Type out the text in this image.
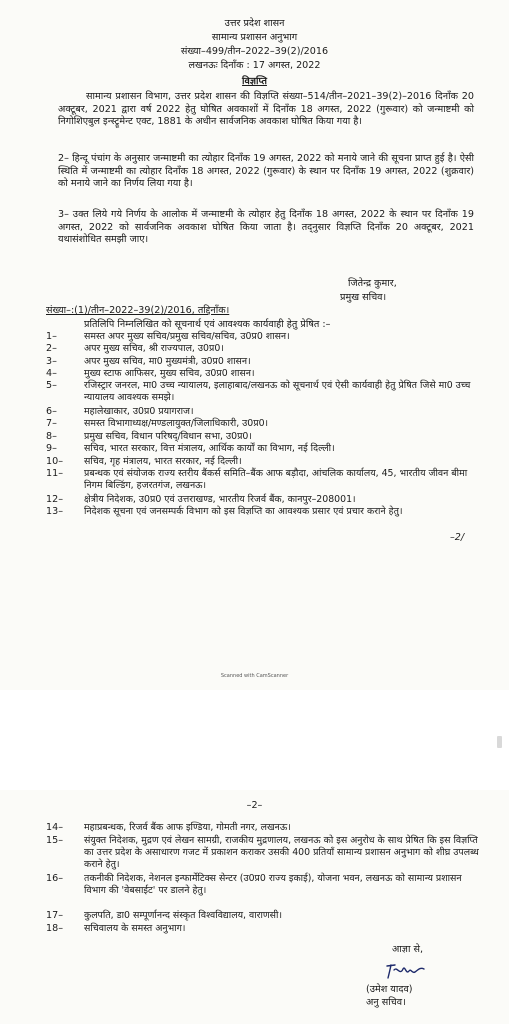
उत्तर प्रदेश शासन
सामान्य प्रशासन अनुभाग
संख्या–499/तीन–2022–39(2)/2016
लखनऊः दिनाँक : 17 अगस्त, 2022
विज्ञप्ति
सामान्य प्रशासन विभाग, उत्तर प्रदेश शासन की विज्ञप्ति संख्या–514/तीन–2021–39(2)–2016 दिनाँक 20 अक्टूबर, 2021 द्वारा वर्ष 2022 हेतु घोषित अवकाशों में दिनाँक 18 अगस्त, 2022 (गुरूवार) को जन्माष्टमी को निगोशिएबुल इन्स्ट्रूमेन्ट एक्ट, 1881 के अधीन सार्वजनिक अवकाश घोषित किया गया है।
2– हिन्दू पंचांग के अनुसार जन्माष्टमी का त्योहार दिनाँक 19 अगस्त, 2022 को मनाये जाने की सूचना प्राप्त हुई है। ऐसी स्थिति में जन्माष्टमी का त्योहार दिनाँक 18 अगस्त, 2022 (गुरूवार) के स्थान पर दिनाँक 19 अगस्त, 2022 (शुक्रवार) को मनाये जाने का निर्णय लिया गया है।
3– उक्त लिये गये निर्णय के आलोक में जन्माष्टमी के त्योहार हेतु दिनाँक 18 अगस्त, 2022 के स्थान पर दिनाँक 19 अगस्त, 2022 को सार्वजनिक अवकाश घोषित किया जाता है। तद्नुसार विज्ञप्ति दिनाँक 20 अक्टूबर, 2021 यथासंशोधित समझी जाए।
जितेन्द्र कुमार,
प्रमुख सचिव।
संख्या–:(1)/तीन–2022–39(2)/2016, तद्दिनाँक।
प्रतिलिपि निम्नलिखित को सूचनार्थ एवं आवश्यक कार्यवाही हेतु प्रेषित :–
1–	समस्त अपर मुख्य सचिव/प्रमुख सचिव/सचिव, उ0प्र0 शासन।
2–	अपर मुख्य सचिव, श्री राज्यपाल, उ0प्र0।
3–	अपर मुख्य सचिव, मा0 मुख्यमंत्री, उ0प्र0 शासन।
4–	मुख्य स्टाफ आफिसर, मुख्य सचिव, उ0प्र0 शासन।
5–	रजिस्ट्रार जनरल, मा0 उच्च न्यायालय, इलाहाबाद/लखनऊ को सूचनार्थ एवं ऐसी कार्यवाही हेतु प्रेषित जिसे मा0 उच्च न्यायालय आवश्यक समझे।
6–	महालेखाकार, उ0प्र0 प्रयागराज।
7–	समस्त विभागाध्यक्ष/मण्डलायुक्त/जिलाधिकारी, उ0प्र0।
8–	प्रमुख सचिव, विधान परिषद्/विधान सभा, उ0प्र0।
9–	सचिव, भारत सरकार, वित्त मंत्रालय, आर्थिक कार्यों का विभाग, नई दिल्ली।
10– सचिव, गृह मंत्रालय, भारत सरकार, नई दिल्ली।
11– प्रबन्धक एवं संयोजक राज्य स्तरीय बैंकर्स समिति–बैंक आफ बड़ौदा, आंचलिक कार्यालय, 45, भारतीय जीवन बीमा निगम बिल्डिंग, हजरतगंज, लखनऊ।
12– क्षेत्रीय निदेशक, उ0प्र0 एवं उत्तराखण्ड, भारतीय रिजर्व बैंक, कानपुर–208001।
13– निदेशक सूचना एवं जनसम्पर्क विभाग को इस विज्ञप्ति का आवश्यक प्रसार एवं प्रचार कराने हेतु।
–2/
Scanned with CamScanner
–2–
14– महाप्रबन्धक, रिजर्व बैंक आफ इण्डिया, गोमती नगर, लखनऊ।
15– संयुक्त निदेशक, मुद्रण एवं लेखन सामग्री, राजकीय मुद्रणालय, लखनऊ को इस अनुरोध के साथ प्रेषित कि इस विज्ञप्ति का उत्तर प्रदेश के असाधारण गजट में प्रकाशन कराकर उसकी 400 प्रतियाँ सामान्य प्रशासन अनुभाग को शीघ्र उपलब्ध कराने हेतु।
16– तकनीकी निदेशक, नेशनल इन्फार्मेटिक्स सेन्टर (उ0प्र0 राज्य इकाई), योजना भवन, लखनऊ को सामान्य प्रशासन विभाग की 'वेबसाईट' पर डालने हेतु।
17– कुलपति, डा0 सम्पूर्णानन्द संस्कृत विश्वविद्यालय, वाराणसी।
18– सचिवालय के समस्त अनुभाग।
आज्ञा से,
(उमेश यादव)
अनु सचिव।
